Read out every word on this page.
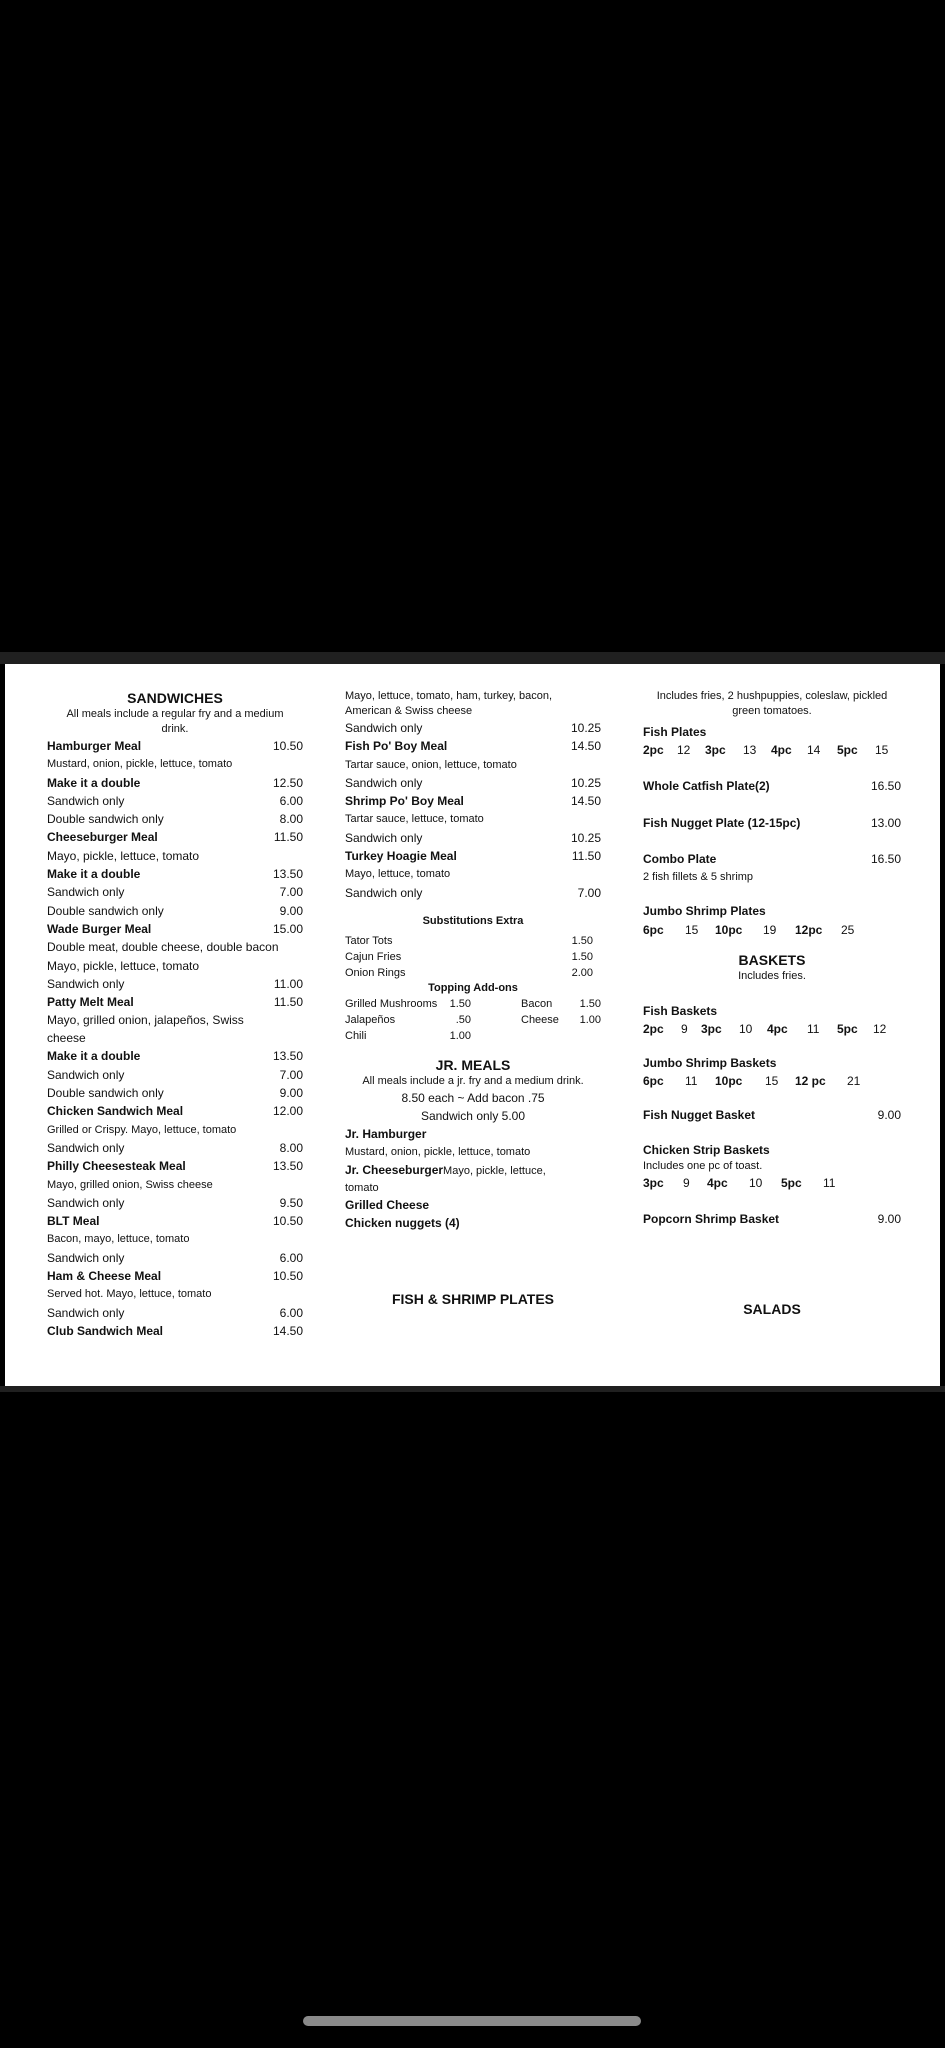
SANDWICHES

All meals include a regular fry and a medium drink.

Hamburger Meal	10.50
Mustard, onion, pickle, lettuce, tomato
Make it a double	12.50
Sandwich only	6.00
Double sandwich only	8.00
Cheeseburger Meal	11.50
Mayo, pickle, lettuce, tomato
Make it a double	13.50
Sandwich only	7.00
Double sandwich only	9.00
Wade Burger Meal	15.00
Double meat, double cheese, double bacon
Mayo, pickle, lettuce, tomato
Sandwich only	11.00
Patty Melt Meal	11.50
Mayo, grilled onion, jalapeños, Swiss cheese
Make it a double	13.50
Sandwich only	7.00
Double sandwich only	9.00
Chicken Sandwich Meal	12.00
Grilled or Crispy. Mayo, lettuce, tomato
Sandwich only	8.00
Philly Cheesesteak Meal	13.50
Mayo, grilled onion, Swiss cheese
Sandwich only	9.50
BLT Meal	10.50
Bacon, mayo, lettuce, tomato
Sandwich only	6.00
Ham & Cheese Meal	10.50
Served hot. Mayo, lettuce, tomato
Sandwich only	6.00
Club Sandwich Meal	14.50
Mayo, lettuce, tomato, ham, turkey, bacon, American & Swiss cheese
Sandwich only	10.25
Fish Po' Boy Meal	14.50
Tartar sauce, onion, lettuce, tomato
Sandwich only	10.25
Shrimp Po' Boy Meal	14.50
Tartar sauce, lettuce, tomato
Sandwich only	10.25
Turkey Hoagie Meal	11.50
Mayo, lettuce, tomato
Sandwich only	7.00

Substitutions Extra

Tator Tots	1.50
Cajun Fries	1.50
Onion Rings	2.00

Topping Add-ons

Grilled Mushrooms 1.50	Bacon 1.50
Jalapeños	.50	Cheese 1.00
Chili	1.00

JR. MEALS

All meals include a jr. fry and a medium drink.

8.50 each ~ Add bacon .75

Sandwich only 5.00

Jr. Hamburger
Mustard, onion, pickle, lettuce, tomato
Jr. CheeseburgerMayo, pickle, lettuce,
tomato
Grilled Cheese
Chicken nuggets (4)

FISH & SHRIMP PLATES

Includes fries, 2 hushpuppies, coleslaw, pickled green tomatoes.

Fish Plates
2pc 12 3pc 13 4pc 14 5pc 15
Whole Catfish Plate(2)	16.50
Fish Nugget Plate (12-15pc)	13.00
Combo Plate	16.50
2 fish fillets & 5 shrimp
Jumbo Shrimp Plates
6pc 15 10pc 19 12pc 25

BASKETS

Includes fries.

Fish Baskets
2pc 9 3pc 10 4pc 11 5pc 12
Jumbo Shrimp Baskets
6pc 11 10pc 15 12 pc 21
Fish Nugget Basket	9.00
Chicken Strip Baskets
Includes one pc of toast.
3pc 9 4pc 10 5pc 11
Popcorn Shrimp Basket	9.00

SALADS
